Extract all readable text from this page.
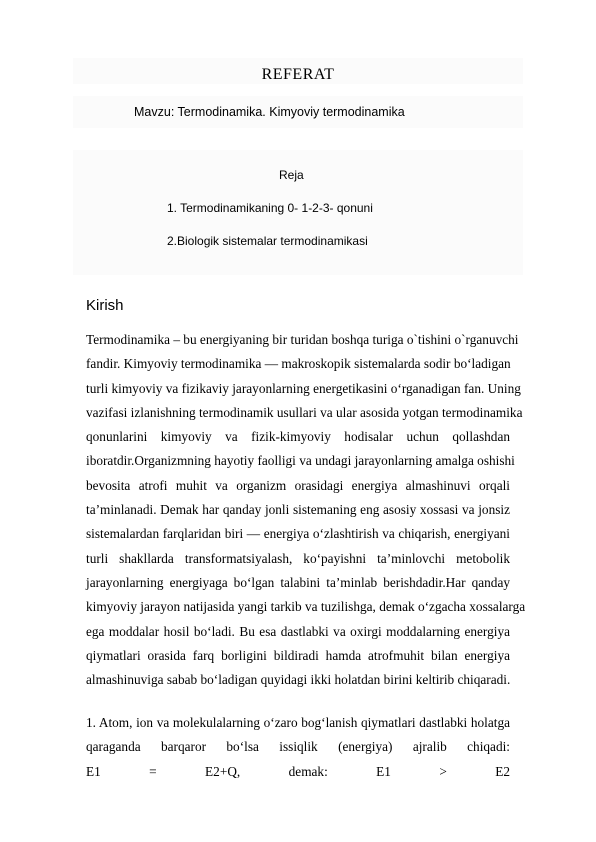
REFERAT
Mavzu: Termodinamika. Kimyoviy termodinamika
Reja
1. Termodinamikaning 0- 1-2-3- qonuni
2.Biologik sistemalar termodinamikasi
Kirish
Termodinamika – bu energiyaning bir turidan boshqa turiga o`tishini o`rganuvchi
fandir. Kimyoviy termodinamika — makroskopik sistemalarda sodir bo‘ladigan
turli kimyoviy va fizikaviy jarayonlarning energetikasini o‘rganadigan fan. Uning
vazifasi izlanishning termodinamik usullari va ular asosida yotgan termodinamika
qonunlarini kimyoviy va fizik-kimyoviy hodisalar uchun qollashdan
iboratdir.Organizmning hayotiy faolligi va undagi jarayonlarning amalga oshishi
bevosita atrofi muhit va organizm orasidagi energiya almashinuvi orqali
ta’minlanadi. Demak har qanday jonli sistemaning eng asosiy xossasi va jonsiz
sistemalardan farqlaridan biri — energiya o‘zlashtirish va chiqarish, energiyani
turli shakllarda transformatsiyalash, ko‘payishni ta’minlovchi metobolik
jarayonlarning energiyaga bo‘lgan talabini ta’minlab berishdadir.Har qanday
kimyoviy jarayon natijasida yangi tarkib va tuzilishga, demak o‘zgacha xossalarga
ega moddalar hosil bo‘ladi. Bu esa dastlabki va oxirgi moddalarning energiya
qiymatlari orasida farq borligini bildiradi hamda atrofmuhit bilan energiya
almashinuviga sabab bo‘ladigan quyidagi ikki holatdan birini keltirib chiqaradi.
1. Atom, ion va molekulalarning o‘zaro bog‘lanish qiymatlari dastlabki holatga
qaraganda barqaror bo‘lsa issiqlik (energiya) ajralib chiqadi:
E1 = E2+Q, demak: E1 > E2
